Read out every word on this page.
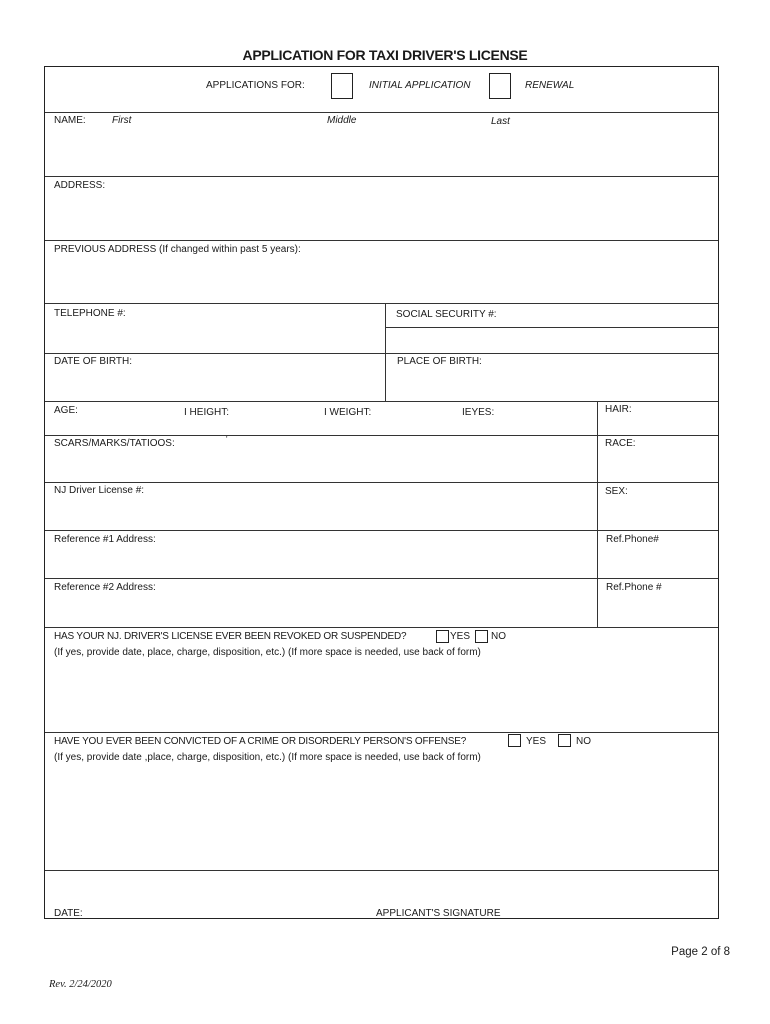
APPLICATION FOR TAXI DRIVER'S LICENSE
APPLICATIONS FOR:	INITIAL APPLICATION	RENEWAL
NAME:	First	Middle	Last
ADDRESS:
PREVIOUS ADDRESS (If changed within past 5 years):
TELEPHONE #:	SOCIAL SECURITY #:
DATE OF BIRTH:	PLACE OF BIRTH:
AGE:	I HEIGHT:	I WEIGHT:	IEYES:	HAIR:
SCARS/MARKS/TATIOOS:	'	RACE:
NJ Driver License #:	SEX:
Reference #1 Address:	Ref.Phone#
Reference #2 Address:	Ref.Phone #
HAS YOUR NJ. DRIVER'S LICENSE EVER BEEN REVOKED OR SUSPENDED?	YES NO
(If yes, provide date, place, charge, disposition, etc.) (If more space is needed, use back of form)
HAVE YOU EVER BEEN CONVICTED OF A CRIME OR DISORDERLY PERSON'S OFFENSE?	YES	NO
(If yes, provide date ,place, charge, disposition, etc.) (If more space is needed, use back of form)
DATE:	APPLICANT'S SIGNATURE
Page 2 of 8
Rev. 2/24/2020
